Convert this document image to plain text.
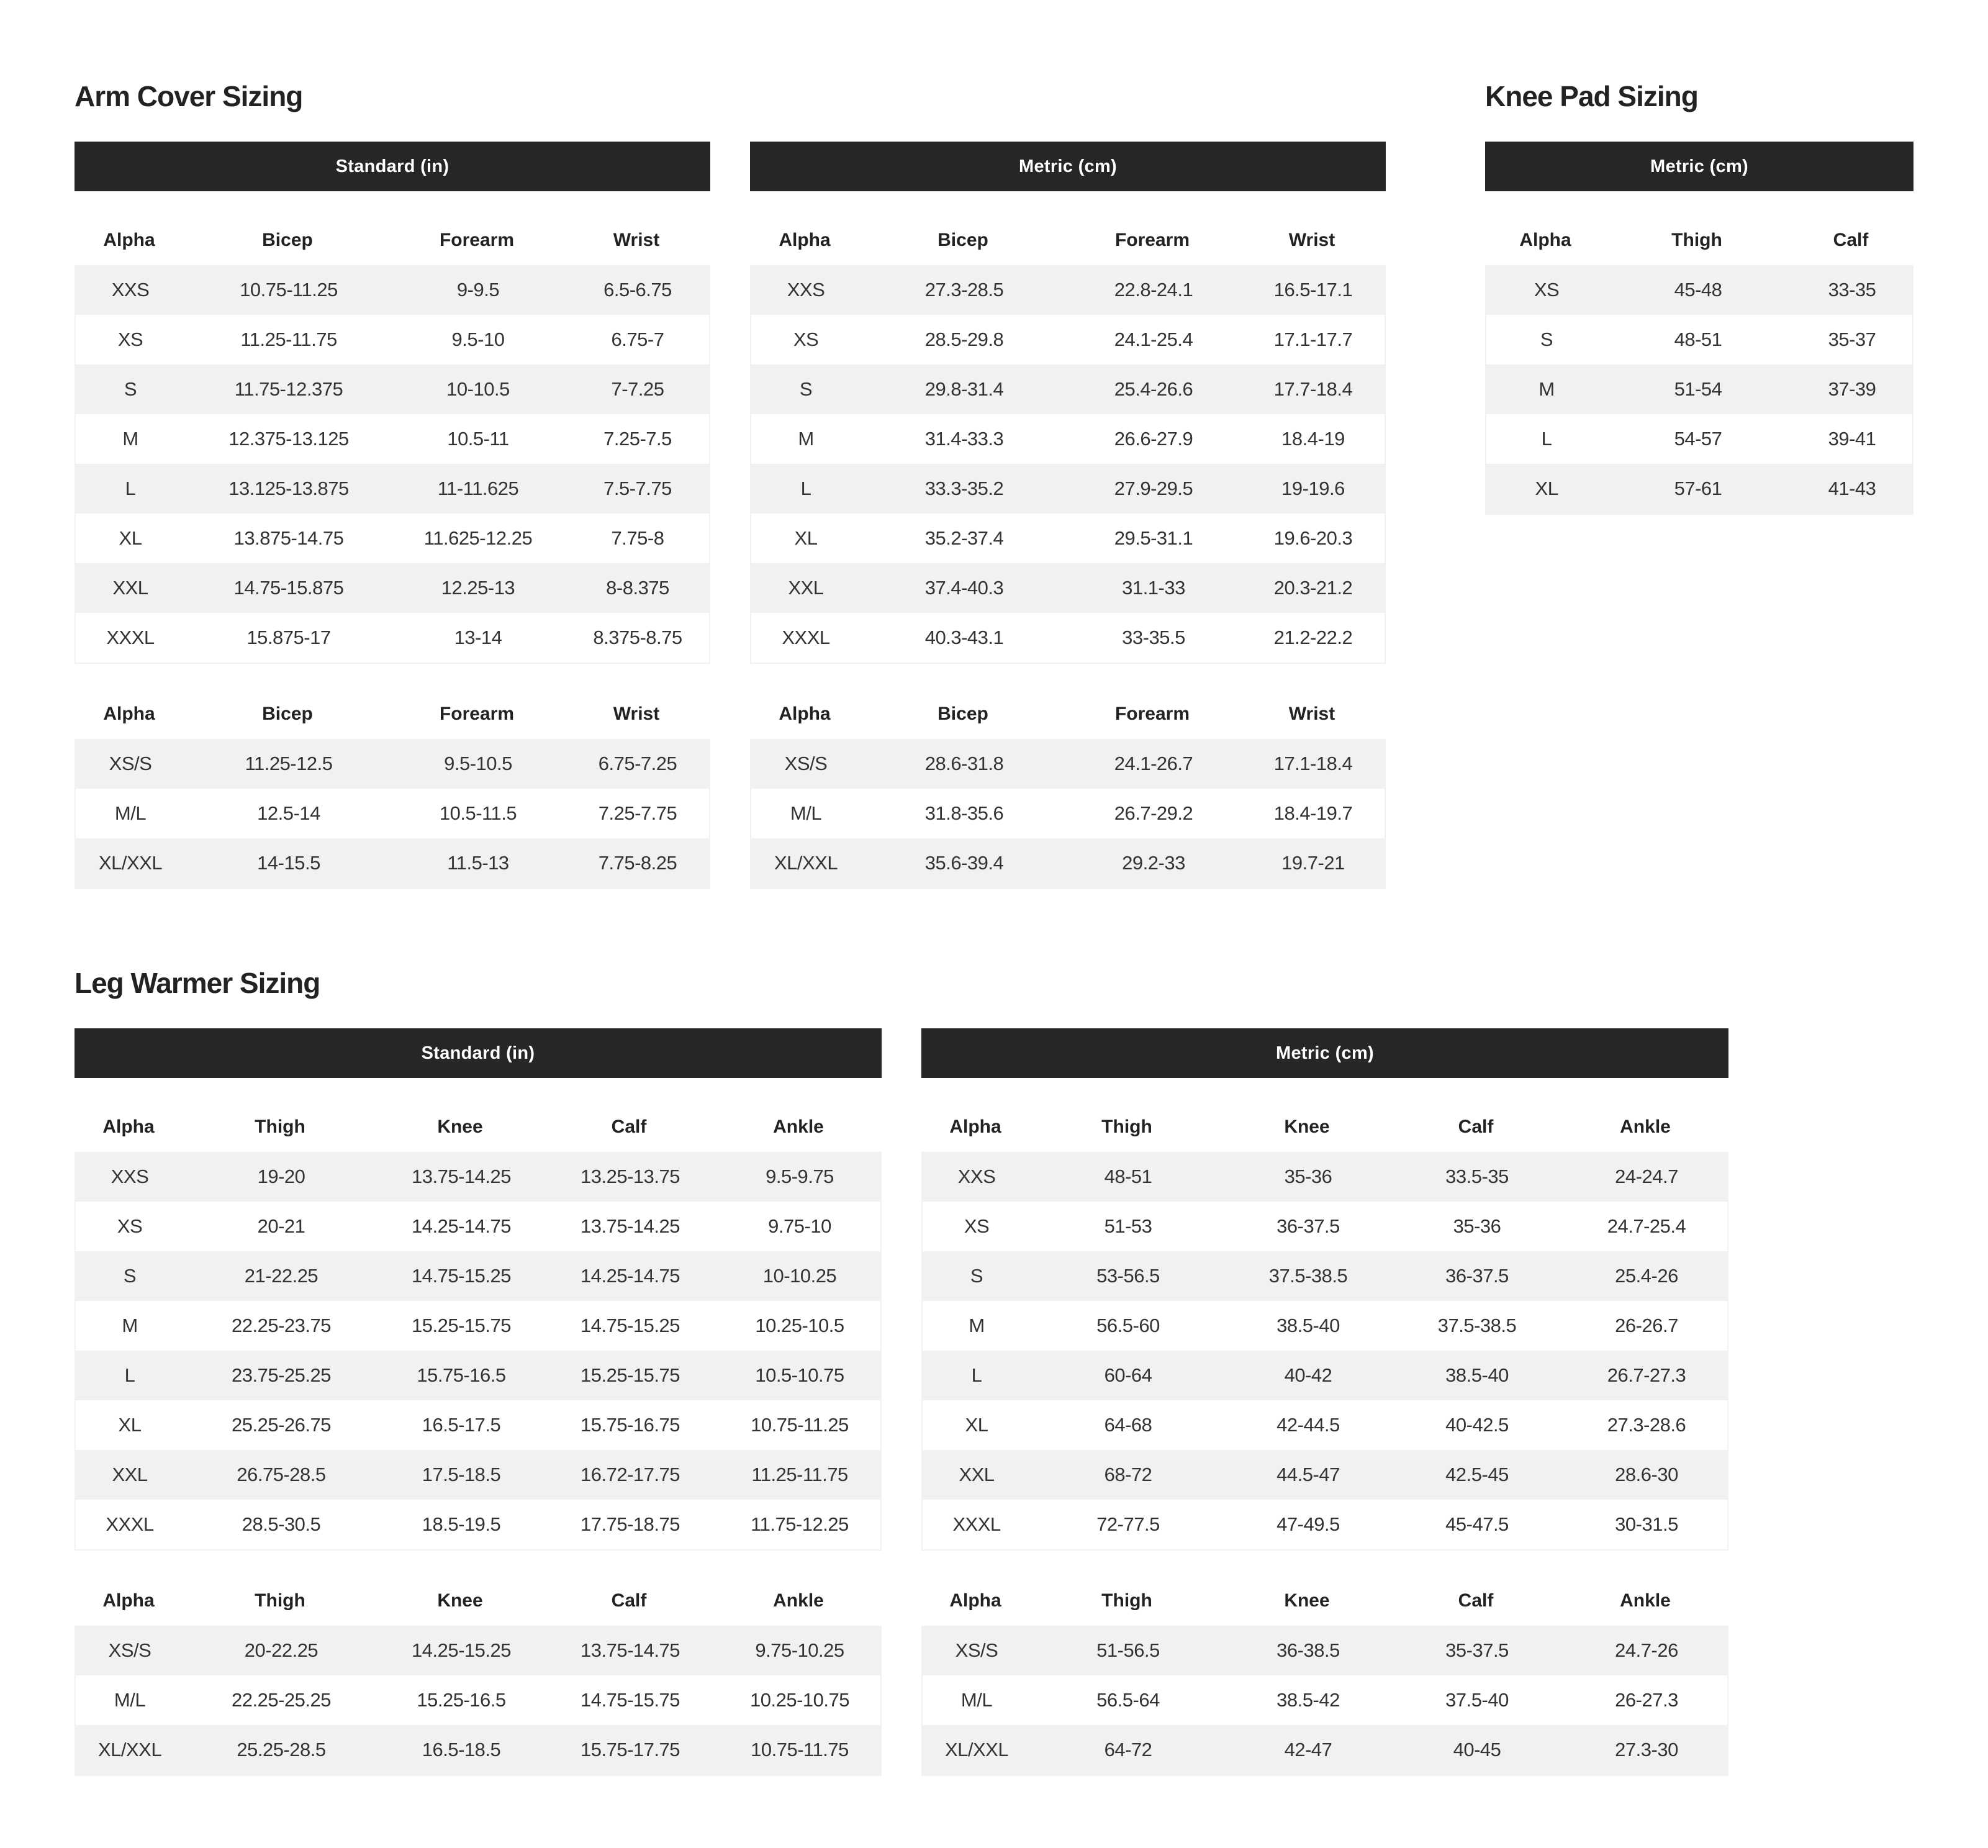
Arm Cover Sizing
Standard (in)
Alpha	Bicep	Forearm	Wrist
XXS	10.75-11.25	9-9.5	6.5-6.75
XS	11.25-11.75	9.5-10	6.75-7
S	11.75-12.375	10-10.5	7-7.25
M	12.375-13.125	10.5-11	7.25-7.5
L	13.125-13.875	11-11.625	7.5-7.75
XL	13.875-14.75	11.625-12.25	7.75-8
XXL	14.75-15.875	12.25-13	8-8.375
XXXL	15.875-17	13-14	8.375-8.75
Alpha	Bicep	Forearm	Wrist
XS/S	11.25-12.5	9.5-10.5	6.75-7.25
M/L	12.5-14	10.5-11.5	7.25-7.75
XL/XXL	14-15.5	11.5-13	7.75-8.25
Metric (cm)
Alpha	Bicep	Forearm	Wrist
XXS	27.3-28.5	22.8-24.1	16.5-17.1
XS	28.5-29.8	24.1-25.4	17.1-17.7
S	29.8-31.4	25.4-26.6	17.7-18.4
M	31.4-33.3	26.6-27.9	18.4-19
L	33.3-35.2	27.9-29.5	19-19.6
XL	35.2-37.4	29.5-31.1	19.6-20.3
XXL	37.4-40.3	31.1-33	20.3-21.2
XXXL	40.3-43.1	33-35.5	21.2-22.2
Alpha	Bicep	Forearm	Wrist
XS/S	28.6-31.8	24.1-26.7	17.1-18.4
M/L	31.8-35.6	26.7-29.2	18.4-19.7
XL/XXL	35.6-39.4	29.2-33	19.7-21
Knee Pad Sizing
Metric (cm)
Alpha	Thigh	Calf
XS	45-48	33-35
S	48-51	35-37
M	51-54	37-39
L	54-57	39-41
XL	57-61	41-43
Leg Warmer Sizing
Standard (in)
Alpha	Thigh	Knee	Calf	Ankle
XXS	19-20	13.75-14.25	13.25-13.75	9.5-9.75
XS	20-21	14.25-14.75	13.75-14.25	9.75-10
S	21-22.25	14.75-15.25	14.25-14.75	10-10.25
M	22.25-23.75	15.25-15.75	14.75-15.25	10.25-10.5
L	23.75-25.25	15.75-16.5	15.25-15.75	10.5-10.75
XL	25.25-26.75	16.5-17.5	15.75-16.75	10.75-11.25
XXL	26.75-28.5	17.5-18.5	16.72-17.75	11.25-11.75
XXXL	28.5-30.5	18.5-19.5	17.75-18.75	11.75-12.25
Alpha	Thigh	Knee	Calf	Ankle
XS/S	20-22.25	14.25-15.25	13.75-14.75	9.75-10.25
M/L	22.25-25.25	15.25-16.5	14.75-15.75	10.25-10.75
XL/XXL	25.25-28.5	16.5-18.5	15.75-17.75	10.75-11.75
Metric (cm)
Alpha	Thigh	Knee	Calf	Ankle
XXS	48-51	35-36	33.5-35	24-24.7
XS	51-53	36-37.5	35-36	24.7-25.4
S	53-56.5	37.5-38.5	36-37.5	25.4-26
M	56.5-60	38.5-40	37.5-38.5	26-26.7
L	60-64	40-42	38.5-40	26.7-27.3
XL	64-68	42-44.5	40-42.5	27.3-28.6
XXL	68-72	44.5-47	42.5-45	28.6-30
XXXL	72-77.5	47-49.5	45-47.5	30-31.5
Alpha	Thigh	Knee	Calf	Ankle
XS/S	51-56.5	36-38.5	35-37.5	24.7-26
M/L	56.5-64	38.5-42	37.5-40	26-27.3
XL/XXL	64-72	42-47	40-45	27.3-30
